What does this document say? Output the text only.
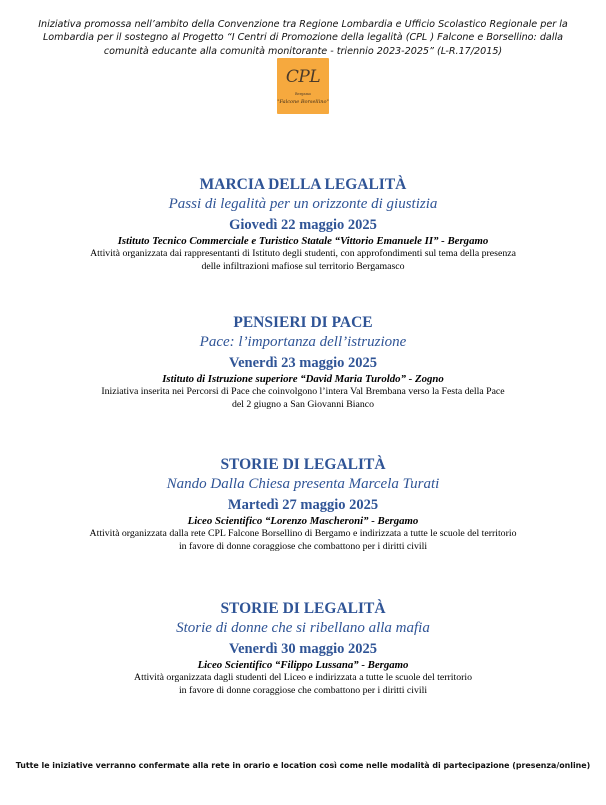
Iniziativa promossa nell’ambito della Convenzione tra Regione Lombardia e Ufficio Scolastico Regionale per la
Lombardia per il sostegno al Progetto “I Centri di Promozione della legalità (CPL ) Falcone e Borsellino: dalla
comunità educante alla comunità monitorante - triennio 2023-2025” (L-R.17/2015)
CPL
Bergamo
"Falcone Borsellino"
MARCIA DELLA LEGALITÀ
Passi di legalità per un orizzonte di giustizia
Giovedì 22 maggio 2025
Istituto Tecnico Commerciale e Turistico Statale “Vittorio Emanuele II” - Bergamo
Attività organizzata dai rappresentanti di Istituto degli studenti, con approfondimenti sul tema della presenza
delle infiltrazioni mafiose sul territorio Bergamasco
PENSIERI DI PACE
Pace: l’importanza dell’istruzione
Venerdì 23 maggio 2025
Istituto di Istruzione superiore “David Maria Turoldo” - Zogno
Iniziativa inserita nei Percorsi di Pace che coinvolgono l’intera Val Brembana verso la Festa della Pace
del 2 giugno a San Giovanni Bianco
STORIE DI LEGALITÀ
Nando Dalla Chiesa presenta Marcela Turati
Martedì 27 maggio 2025
Liceo Scientifico “Lorenzo Mascheroni” - Bergamo
Attività organizzata dalla rete CPL Falcone Borsellino di Bergamo e indirizzata a tutte le scuole del territorio
in favore di donne coraggiose che combattono per i diritti civili
STORIE DI LEGALITÀ
Storie di donne che si ribellano alla mafia
Venerdì 30 maggio 2025
Liceo Scientifico “Filippo Lussana” - Bergamo
Attività organizzata dagli studenti del Liceo e indirizzata a tutte le scuole del territorio
in favore di donne coraggiose che combattono per i diritti civili
Tutte le iniziative verranno confermate alla rete in orario e location così come nelle modalità di partecipazione (presenza/online)
